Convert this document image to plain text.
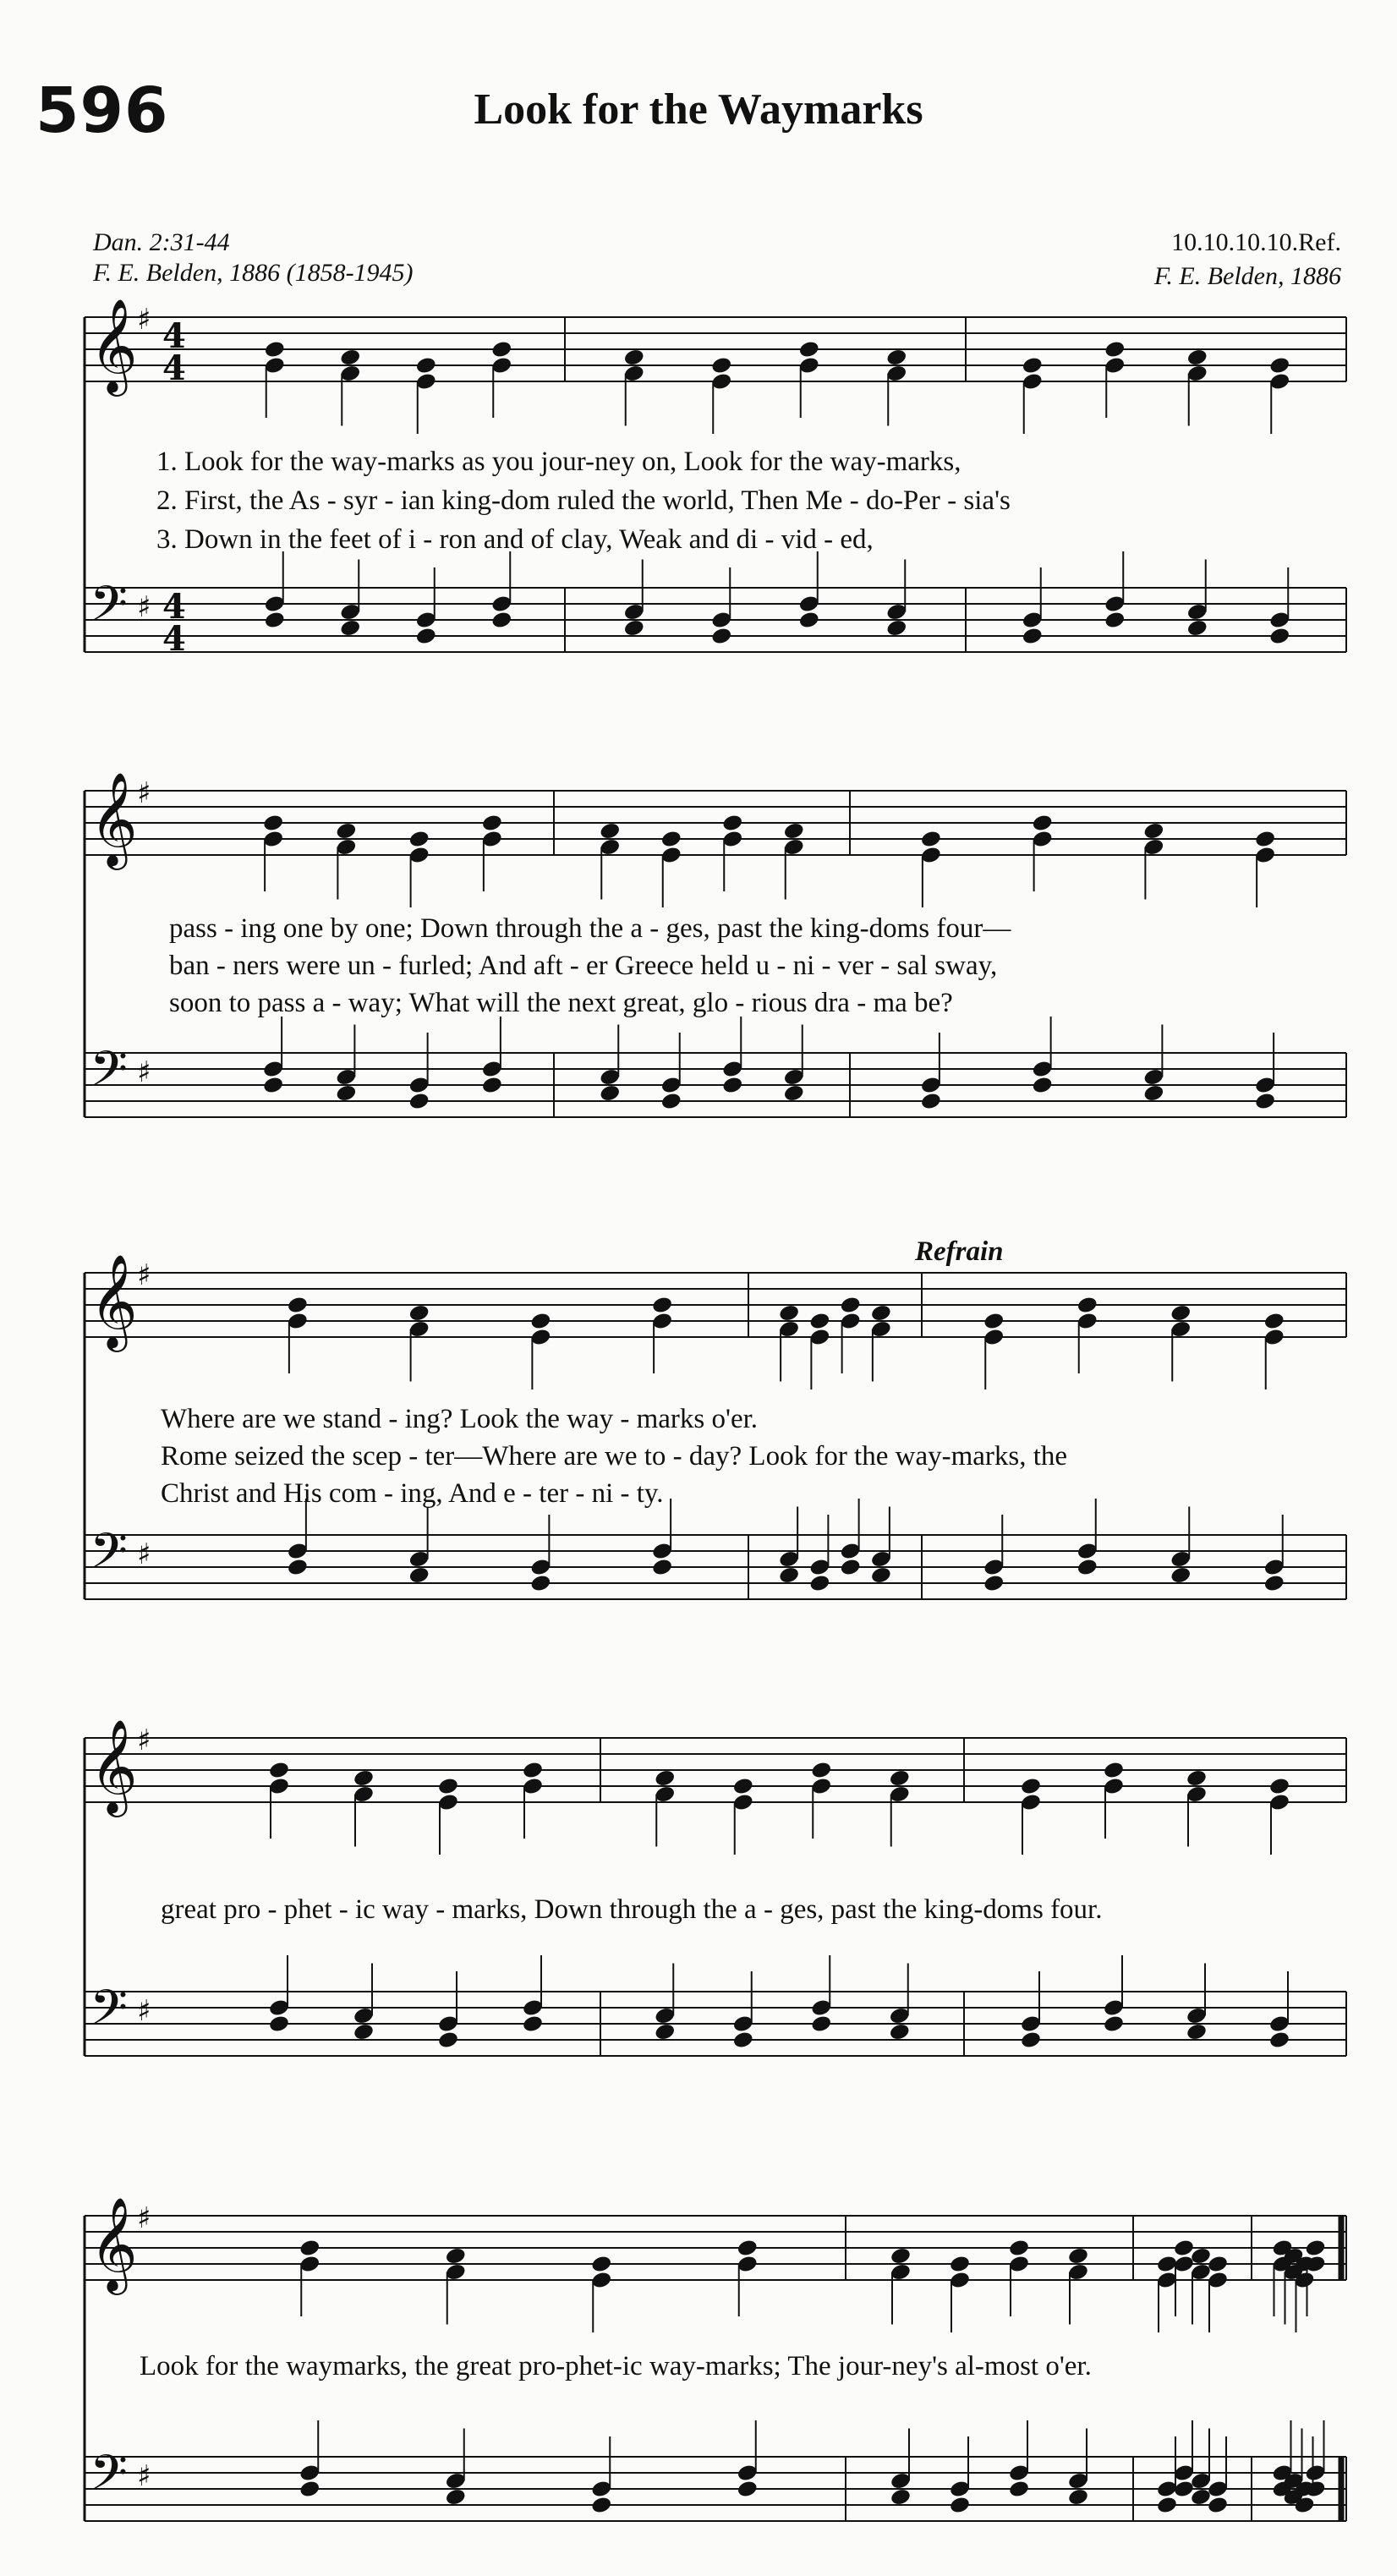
596	Look for the Waymarks
Dan. 2:31-44
F. E. Belden, 1886 (1858-1945)
10.10.10.10.Ref.
F. E. Belden, 1886
Refrain
1. Look for the way-marks as you jour-ney on, Look for the way-marks,
2. First, the As - syr - ian king-dom ruled the world, Then Me - do-Per - sia's
3. Down in the feet of i - ron and of clay, Weak and di - vid - ed,
pass - ing one by one; Down through the a - ges, past the king-doms four—
ban - ners were un - furled; And aft - er Greece held u - ni - ver - sal sway,
soon to pass a - way; What will the next great, glo - rious dra - ma be?
Where are we stand - ing? Look the way - marks o'er.
Rome seized the scep - ter—Where are we to - day? Look for the way-marks, the
Christ and His com - ing, And e - ter - ni - ty.
great pro - phet - ic way - marks, Down through the a - ges, past the king-doms four.
Look for the waymarks, the great pro-phet-ic way-marks; The jour-ney's al-most o'er.
𝄞 ♯ 4
4
𝄢 ♯ 4
4
𝄞 ♯
𝄢 ♯
𝄞 ♯
𝄢 ♯
𝄞 ♯
𝄢 ♯
𝄞 ♯
𝄢 ♯
